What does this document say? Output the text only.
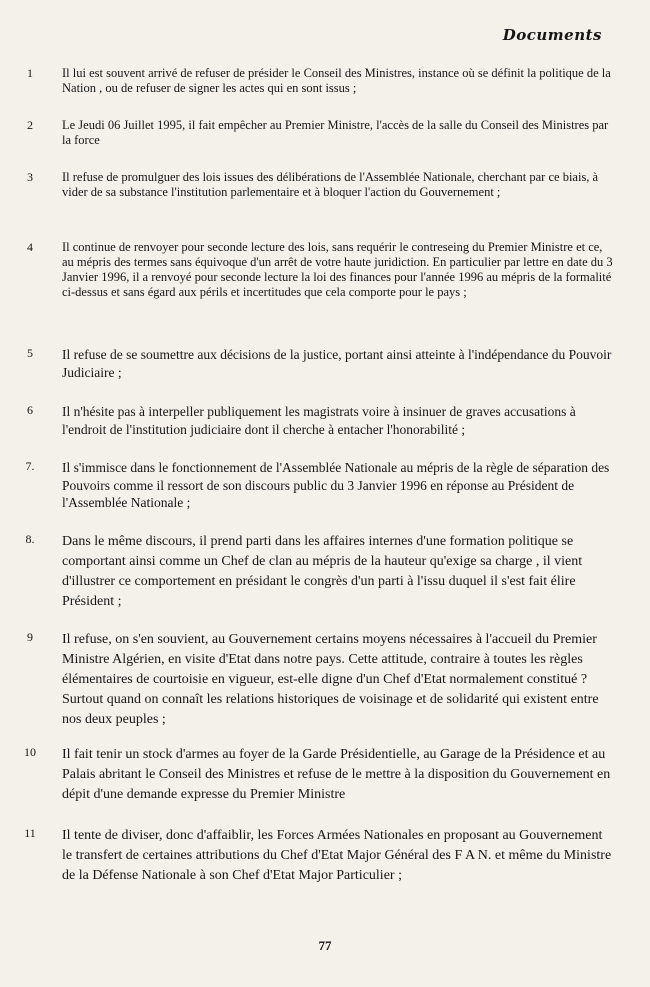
Documents
1	Il lui est souvent arrivé de refuser de présider le Conseil des Ministres, instance où se définit la politique de la Nation , ou de refuser de signer les actes qui en sont issus ;
2	Le Jeudi 06 Juillet 1995, il fait empêcher au Premier Ministre, l'accès de la salle du Conseil des Ministres par la force
3	Il refuse de promulguer des lois issues des délibérations de l'Assemblée Nationale, cherchant par ce biais, à vider de sa substance l'institution parlementaire et à bloquer l'action du Gouvernement ;
4	Il continue de renvoyer pour seconde lecture des lois, sans requérir le contreseing du Premier Ministre et ce, au mépris des termes sans équivoque d'un arrêt de votre haute juridiction. En particulier par lettre en date du 3 Janvier 1996, il a renvoyé pour seconde lecture la loi des finances pour l'année 1996 au mépris de la formalité ci-dessus et sans égard aux périls et incertitudes que cela comporte pour le pays ;
5	Il refuse de se soumettre aux décisions de la justice, portant ainsi atteinte à l'indépendance du Pouvoir Judiciaire ;
6	Il n'hésite pas à interpeller publiquement les magistrats voire à insinuer de graves accusations à l'endroit de l'institution judiciaire dont il cherche à entacher l'honorabilité ;
7.	Il s'immisce dans le fonctionnement de l'Assemblée Nationale au mépris de la règle de séparation des Pouvoirs comme il ressort de son discours public du 3 Janvier 1996 en réponse au Président de l'Assemblée Nationale ;
8.	Dans le même discours, il prend parti dans les affaires internes d'une formation politique se comportant ainsi comme un Chef de clan au mépris de la hauteur qu'exige sa charge , il vient d'illustrer ce comportement en présidant le congrès d'un parti à l'issu duquel il s'est fait élire Président ;
9	Il refuse, on s'en souvient, au Gouvernement certains moyens nécessaires à l'accueil du Premier Ministre Algérien, en visite d'Etat dans notre pays. Cette attitude, contraire à toutes les règles élémentaires de courtoisie en vigueur, est-elle digne d'un Chef d'Etat normalement constitué ? Surtout quand on connaît les relations historiques de voisinage et de solidarité qui existent entre nos deux peuples ;
10	Il fait tenir un stock d'armes au foyer de la Garde Présidentielle, au Garage de la Présidence et au Palais abritant le Conseil des Ministres et refuse de le mettre à la disposition du Gouvernement en dépit d'une demande expresse du Premier Ministre
11	Il tente de diviser, donc d'affaiblir, les Forces Armées Nationales en proposant au Gouvernement le transfert de certaines attributions du Chef d'Etat Major Général des F A N. et même du Ministre de la Défense Nationale à son Chef d'Etat Major Particulier ;
77
